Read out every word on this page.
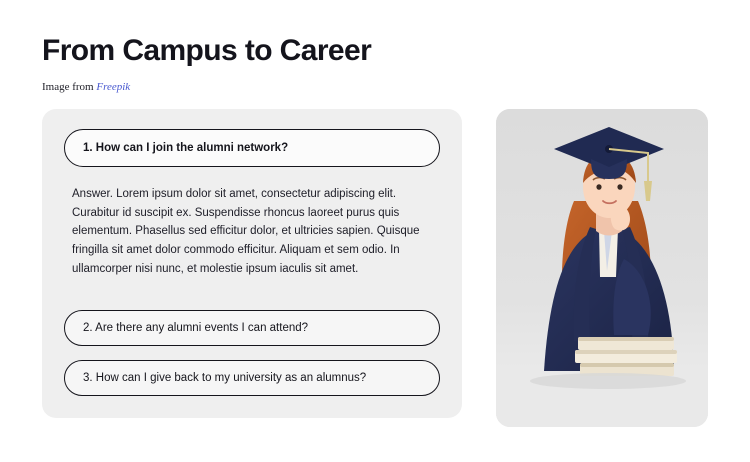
From Campus to Career
Image from Freepik
1. How can I join the alumni network?

Answer. Lorem ipsum dolor sit amet, consectetur adipiscing elit. Curabitur id suscipit ex. Suspendisse rhoncus laoreet purus quis elementum. Phasellus sed efficitur dolor, et ultricies sapien. Quisque fringilla sit amet dolor commodo efficitur. Aliquam et sem odio. In ullamcorper nisi nunc, et molestie ipsum iaculis sit amet.

2. Are there any alumni events I can attend?
3. How can I give back to my university as an alumnus?
